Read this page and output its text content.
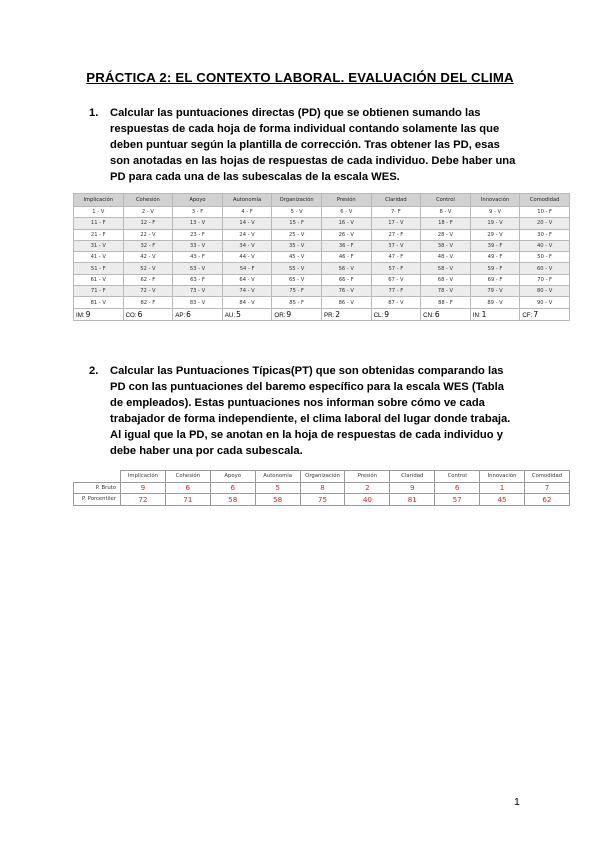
PRÁCTICA 2: EL CONTEXTO LABORAL. EVALUACIÓN DEL CLIMA
1. Calcular las puntuaciones directas (PD) que se obtienen sumando las respuestas de cada hoja de forma individual contando solamente las que deben puntuar según la plantilla de corrección. Tras obtener las PD, esas son anotadas en las hojas de respuestas de cada individuo. Debe haber una PD para cada una de las subescalas de la escala WES.
Implicación	Cohesión	Apoyo	Autonomía	Organización	Presión	Claridad	Control	Innovación	Comodidad
1 - V	2 - V	3 - F	4 - F	5 - V	6 - V	7- F	8 - V	9 - V	10 - F
11 - F	12 - F	13 - V	14 - V	15 - F	16 - V	17 - V	18 - F	19 - V	20 - V
21 - F	22 - V	23 - F	24 - V	25 - V	26 - V	27 - F	28 - V	29 - V	30 - F
31 - V	32 - F	33 - V	34 - V	35 - V	36 - F	37 - V	38 - V	39 - F	40 - V
41 - V	42 - V	43 - F	44 - V	45 - V	46 - F	47 - F	48 - V	49 - F	50 - F
51 - F	52 - V	53 - V	54 - F	55 - V	56 - V	57 - F	58 - V	59 - F	60 - V
61 - V	62 - F	63 - F	64 - V	65 - V	66 - F	67 - V	68 - V	69 - F	70 - F
71 - F	72 - V	73 - V	74 - V	75 - F	76 - V	77 - F	78 - V	79 - V	80 - V
81 - V	82 - F	83 - V	84 - V	85 - F	86 - V	87 - V	88 - F	89 - V	90 - V
IM:9	CO:6	AP:6	AU:5	OR:9	PR:2	CL:9	CN:6	IN:1	CF:7
2. Calcular las Puntuaciones Típicas(PT) que son obtenidas comparando las PD con las puntuaciones del baremo específico para la escala WES (Tabla de empleados). Estas puntuaciones nos informan sobre cómo ve cada trabajador de forma independiente, el clima laboral del lugar donde trabaja. Al igual que la PD, se anotan en la hoja de respuestas de cada individuo y debe haber una por cada subescala.
	Implicación	Cohesión	Apoyo	Autonomía	Organización	Presión	Claridad	Control	Innovación	Comodidad
P. Bruto	9	6	6	5	8	2	9	6	1	7
P. Porcentiler	72	71	58	58	75	40	81	57	45	62
1
